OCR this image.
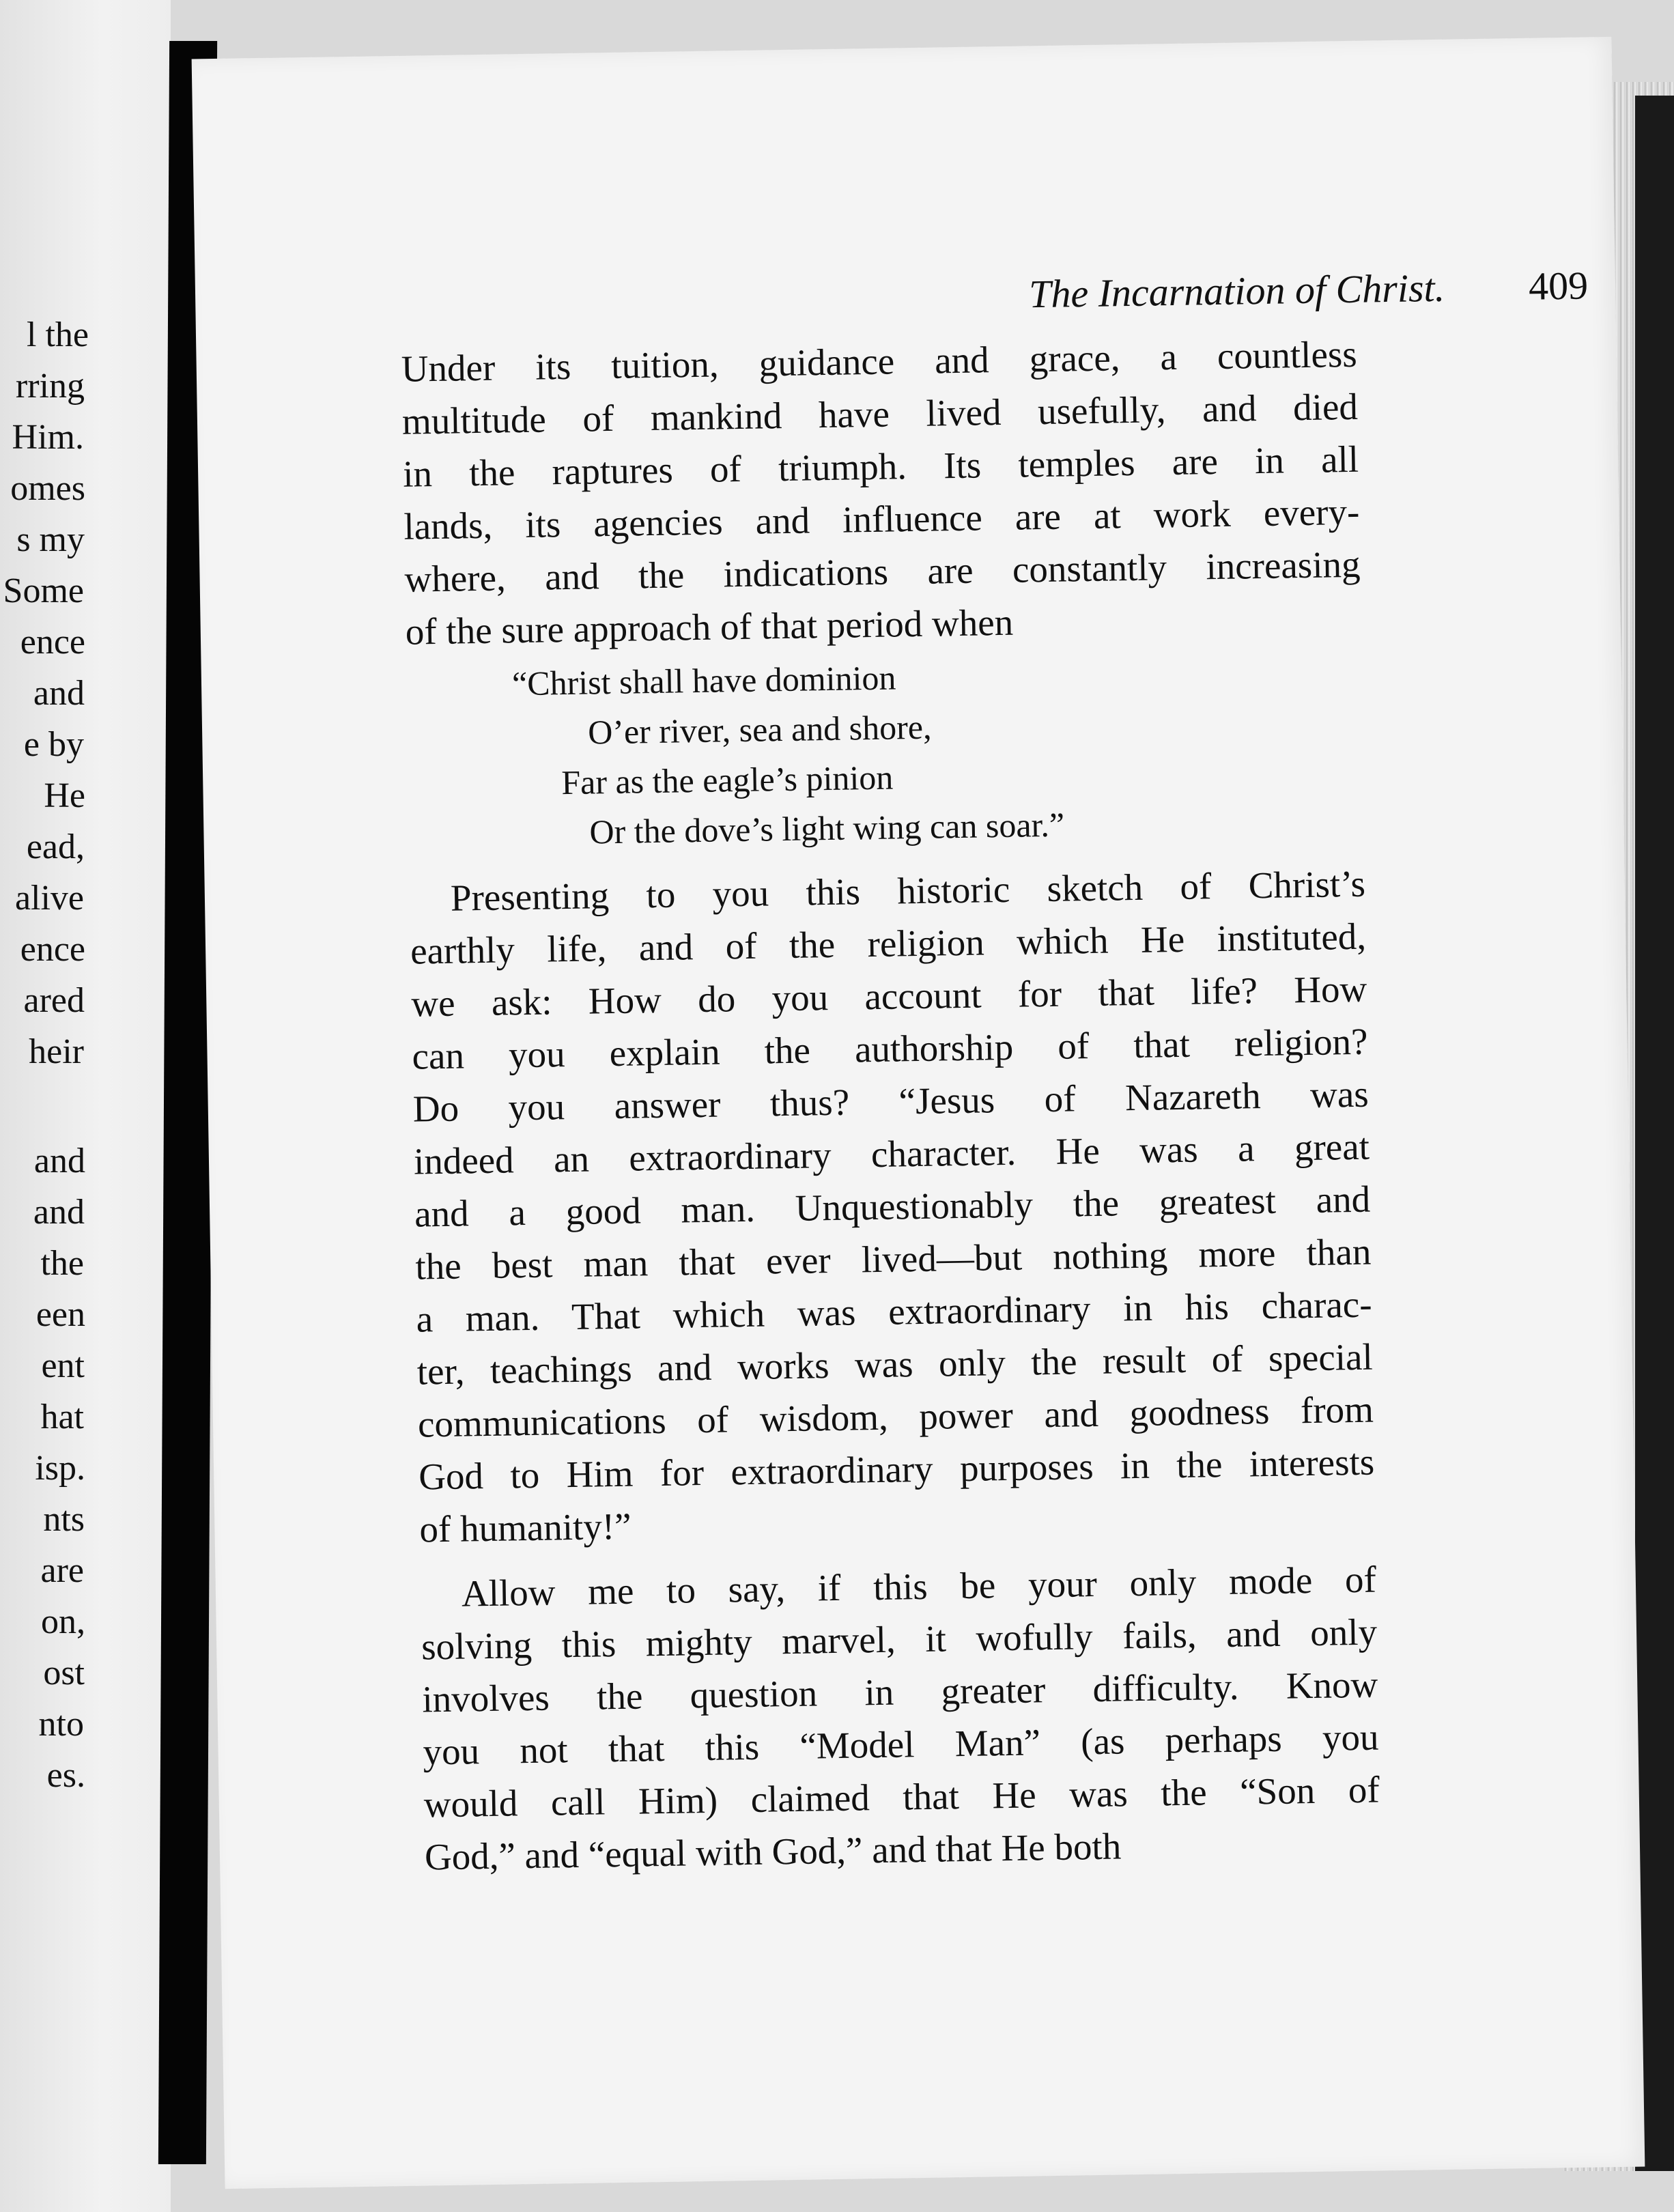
l the
rring
Him.
omes
s my
Some
ence
and
e by
He
ead,
alive
ence
ared
heir
and
and
the
een
ent
hat
isp.
nts
are
on,
ost
nto
es.
The Incarnation of Christ. 409
Under its tuition, guidance and grace, a countless
multitude of mankind have lived usefully, and died
in the raptures of triumph. Its temples are in all
lands, its agencies and influence are at work every-
where, and the indications are constantly increasing
of the sure approach of that period when
“Christ shall have dominion
O’er river, sea and shore,
Far as the eagle’s pinion
Or the dove’s light wing can soar.”
Presenting to you this historic sketch of Christ’s
earthly life, and of the religion which He instituted,
we ask: How do you account for that life? How
can you explain the authorship of that religion?
Do you answer thus? “Jesus of Nazareth was
indeed an extraordinary character. He was a great
and a good man. Unquestionably the greatest and
the best man that ever lived—but nothing more than
a man. That which was extraordinary in his charac-
ter, teachings and works was only the result of special
communications of wisdom, power and goodness from
God to Him for extraordinary purposes in the interests
of humanity!”
Allow me to say, if this be your only mode of
solving this mighty marvel, it wofully fails, and only
involves the question in greater difficulty. Know
you not that this “Model Man” (as perhaps you
would call Him) claimed that He was the “Son of
God,” and “equal with God,” and that He both
